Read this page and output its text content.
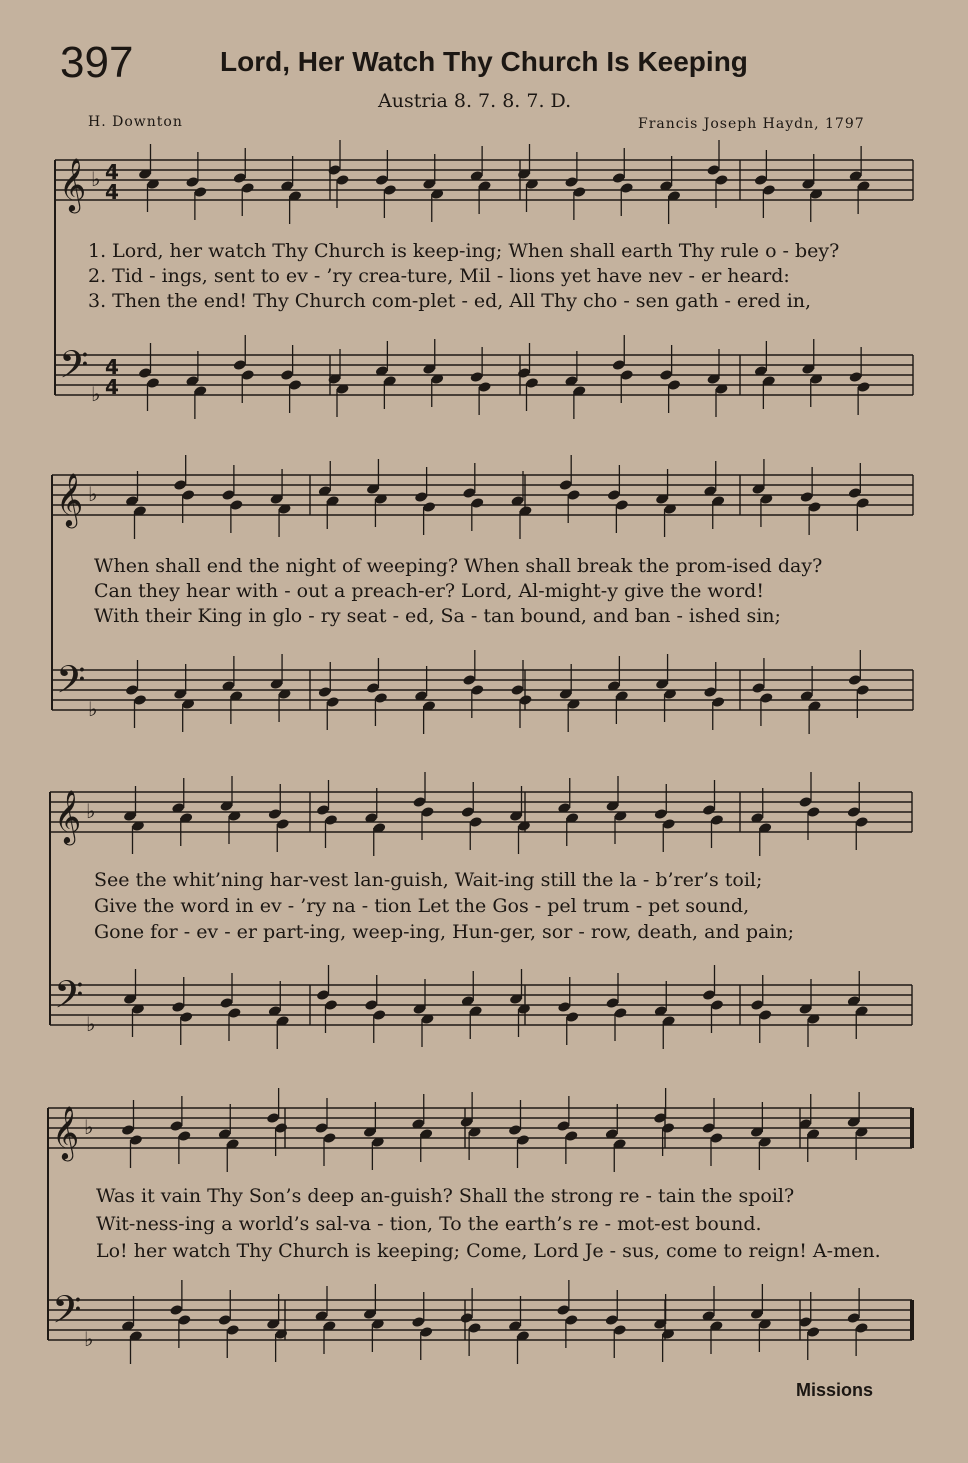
397	Lord, Her Watch Thy Church Is Keeping
Austria 8. 7. 8. 7. D.
H. Downton	Francis Joseph Haydn, 1797
𝄞 ♭ 4
4
𝄢 ♭
4
4
𝄞 ♭
𝄢 ♭
𝄞 ♭
𝄢 ♭
𝄞 ♭
𝄢 ♭
1. Lord, her watch Thy Church is keep-ing; When shall earth Thy rule o - bey?
2. Tid - ings, sent to ev - ’ry crea-ture, Mil - lions yet have nev - er heard:
3. Then the end! Thy Church com-plet - ed, All Thy cho - sen gath - ered in,
When shall end the night of weeping? When shall break the prom-ised day?
Can they hear with - out a preach-er? Lord, Al-might-y give the word!
With their King in glo - ry seat - ed, Sa - tan bound, and ban - ished sin;
See the whit’ning har-vest lan-guish, Wait-ing still the la - b’rer’s toil;
Give the word in ev - ’ry na - tion Let the Gos - pel trum - pet sound,
Gone for - ev - er part-ing, weep-ing, Hun-ger, sor - row, death, and pain;
Was it vain Thy Son’s deep an-guish? Shall the strong re - tain the spoil?
Wit-ness-ing a world’s sal-va - tion, To the earth’s re - mot-est bound.
Lo! her watch Thy Church is keeping; Come, Lord Je - sus, come to reign! A-men.
Missions
